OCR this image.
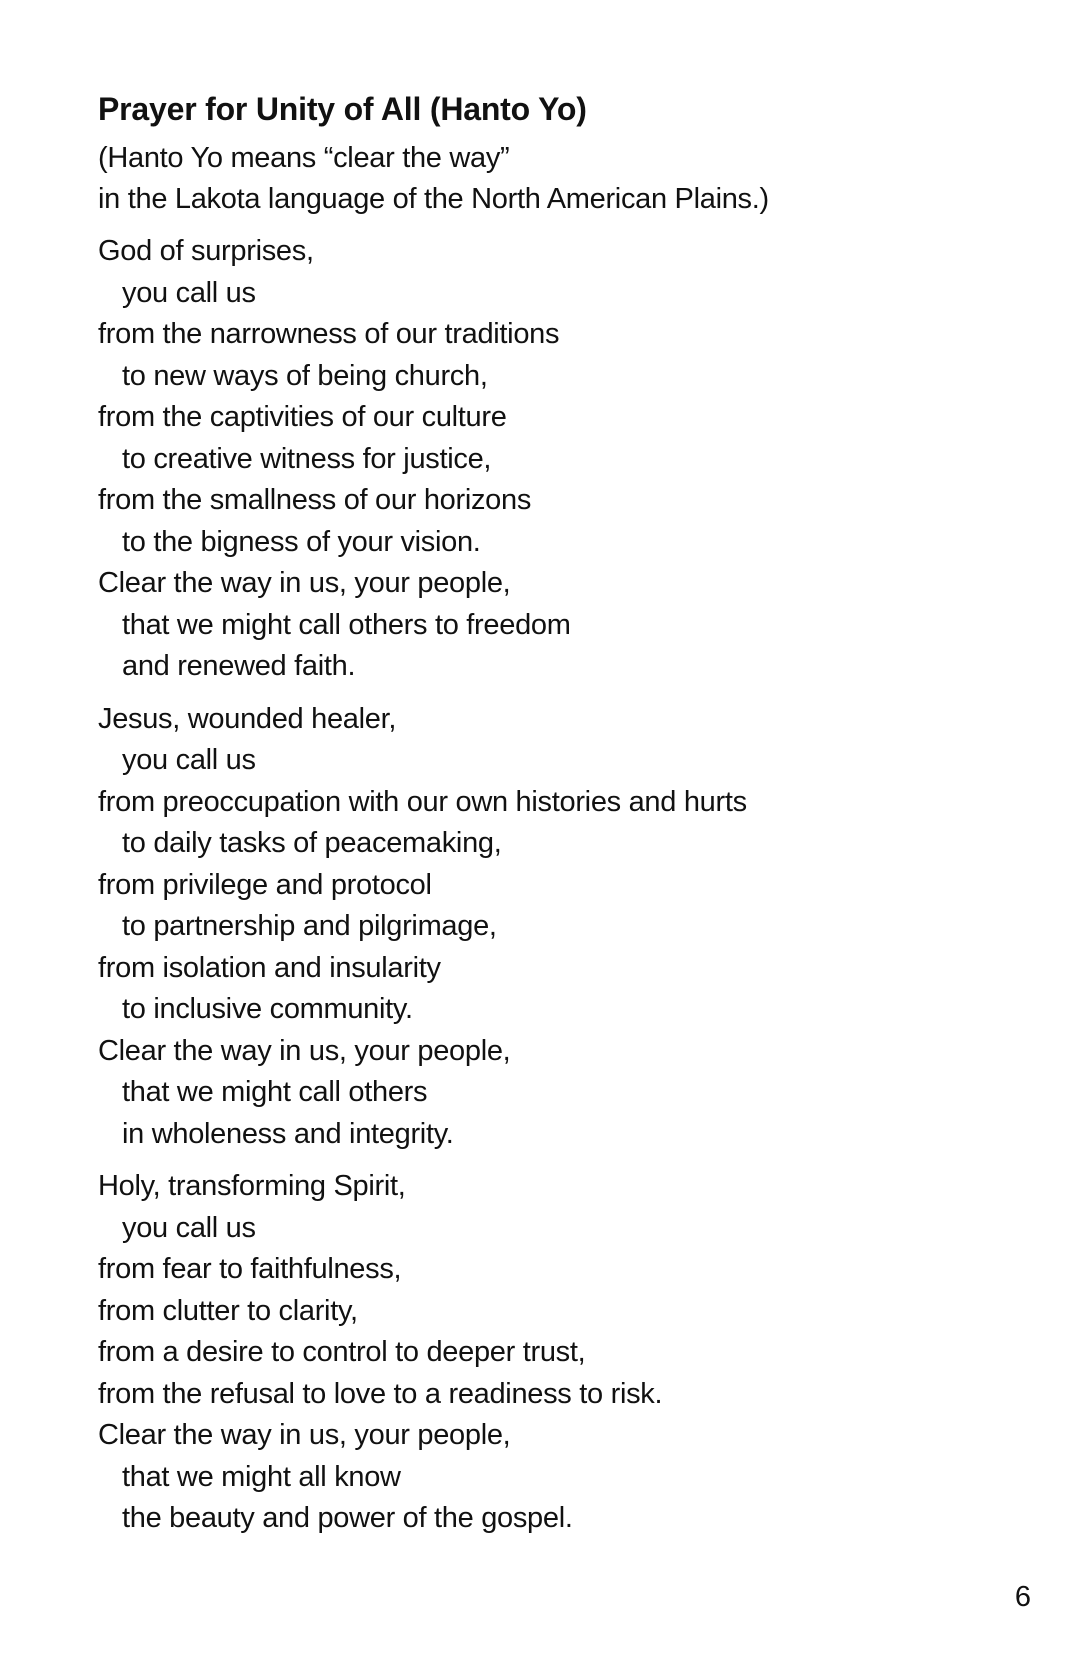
Prayer for Unity of All (Hanto Yo)
(Hanto Yo means “clear the way”
in the Lakota language of the North American Plains.)
God of surprises,
you call us
from the narrowness of our traditions
to new ways of being church,
from the captivities of our culture
to creative witness for justice,
from the smallness of our horizons
to the bigness of your vision.
Clear the way in us, your people,
that we might call others to freedom
and renewed faith.
Jesus, wounded healer,
you call us
from preoccupation with our own histories and hurts
to daily tasks of peacemaking,
from privilege and protocol
to partnership and pilgrimage,
from isolation and insularity
to inclusive community.
Clear the way in us, your people,
that we might call others
in wholeness and integrity.
Holy, transforming Spirit,
you call us
from fear to faithfulness,
from clutter to clarity,
from a desire to control to deeper trust,
from the refusal to love to a readiness to risk.
Clear the way in us, your people,
that we might all know
the beauty and power of the gospel.
6
